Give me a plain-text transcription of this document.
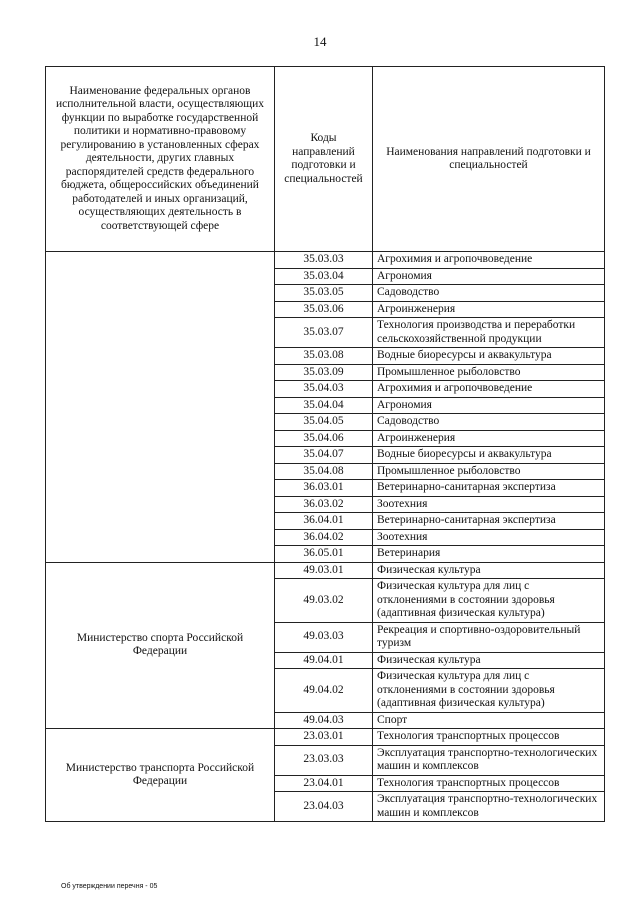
14
Наименование федеральных органов исполнительной власти, осуществляющих функции по выработке государственной политики и нормативно-правовому регулированию в установленных сферах деятельности, других главных распорядителей средств федерального бюджета, общероссийских объединений работодателей и иных организаций, осуществляющих деятельность в соответствующей сфере	Коды направлений подготовки и специальностей	Наименования направлений подготовки и специальностей
	35.03.03	Агрохимия и агропочвоведение
	35.03.04	Агрономия
	35.03.05	Садоводство
	35.03.06	Агроинженерия
	35.03.07	Технология производства и переработки сельскохозяйственной продукции
	35.03.08	Водные биоресурсы и аквакультура
	35.03.09	Промышленное рыболовство
	35.04.03	Агрохимия и агропочвоведение
	35.04.04	Агрономия
	35.04.05	Садоводство
	35.04.06	Агроинженерия
	35.04.07	Водные биоресурсы и аквакультура
	35.04.08	Промышленное рыболовство
	36.03.01	Ветеринарно-санитарная экспертиза
	36.03.02	Зоотехния
	36.04.01	Ветеринарно-санитарная экспертиза
	36.04.02	Зоотехния
	36.05.01	Ветеринария
Министерство спорта Российской Федерации	49.03.01	Физическая культура
	49.03.02	Физическая культура для лиц с отклонениями в состоянии здоровья (адаптивная физическая культура)
	49.03.03	Рекреация и спортивно-оздоровительный туризм
	49.04.01	Физическая культура
	49.04.02	Физическая культура для лиц с отклонениями в состоянии здоровья (адаптивная физическая культура)
	49.04.03	Спорт
Министерство транспорта Российской Федерации	23.03.01	Технология транспортных процессов
	23.03.03	Эксплуатация транспортно-технологических машин и комплексов
	23.04.01	Технология транспортных процессов
	23.04.03	Эксплуатация транспортно-технологических машин и комплексов
Об утверждении перечня - 05
